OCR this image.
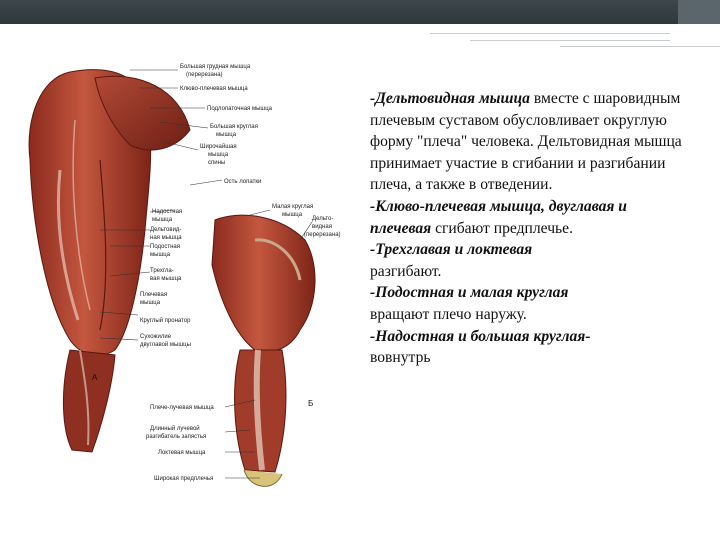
Большая грудная мышца
(перерезана)
Клюво-плечевая мышца
Подлопаточная мышца
Большая круглая
мышца
Широчайшая
мышца
спины
Ость лопатки
Малая круглая
мышца
Дельто-
видная
(перерезана)
Надостная
мышца
Дельтовид-
ная мышца
Подостная
мышца
Трехгла-
вая мышца
Плечевая
мышца
Круглый пронатор
Сухожилие
двуглавой мышцы
Плече-лучевая мышца
Длинный лучевой
разгибатель запястья
Локтевая мышца
Широкая предплечья
А
Б

-Дельтовидная мышца вместе с шаровидным плечевым суставом обусловливает округлую форму "плеча" человека. Дельтовидная мышца принимает участие в сгибании и разгибании плеча, а также в отведении.

-Клюво-плечевая мышца, двуглавая и плечевая сгибают предплечье.

-Трехглавая и локтевая
разгибают.

-Подостная и малая круглая
вращают плечо наружу.

-Надостная и большая круглая-
вовнутрь
